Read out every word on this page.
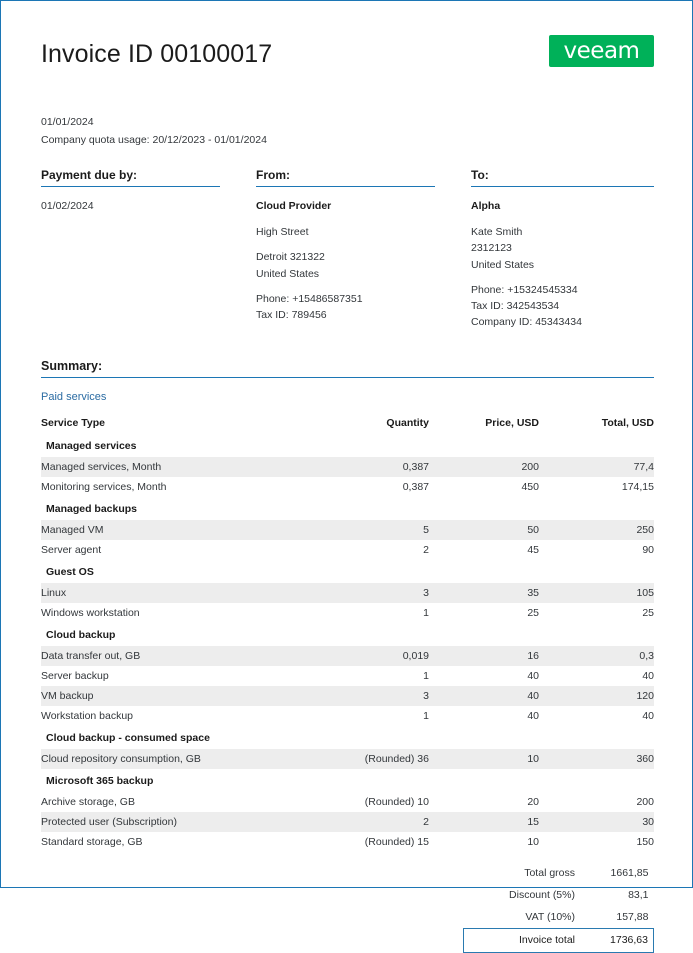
Invoice ID 00100017	veeam
01/01/2024
Company quota usage: 20/12/2023 - 01/01/2024
Payment due by:
01/02/2024
From:
Cloud Provider
High Street
Detroit 321322
United States
Phone: +15486587351
Tax ID: 789456
To:
Alpha
Kate Smith
2312123
United States
Phone: +15324545334
Tax ID: 342543534
Company ID: 45343434
Summary:
Paid services
Service Type	Quantity	Price, USD	Total, USD
Managed services			
Managed services, Month	0,387	200	77,4
Monitoring services, Month	0,387	450	174,15
Managed backups			
Managed VM	5	50	250
Server agent	2	45	90
Guest OS			
Linux	3	35	105
Windows workstation	1	25	25
Cloud backup			
Data transfer out, GB	0,019	16	0,3
Server backup	1	40	40
VM backup	3	40	120
Workstation backup	1	40	40
Cloud backup - consumed space			
Cloud repository consumption, GB	(Rounded) 36	10	360
Microsoft 365 backup			
Archive storage, GB	(Rounded) 10	20	200
Protected user (Subscription)	2	15	30
Standard storage, GB	(Rounded) 15	10	150
Total gross	1661,85
Discount (5%)	83,1
VAT (10%)	157,88
Invoice total	1736,63
